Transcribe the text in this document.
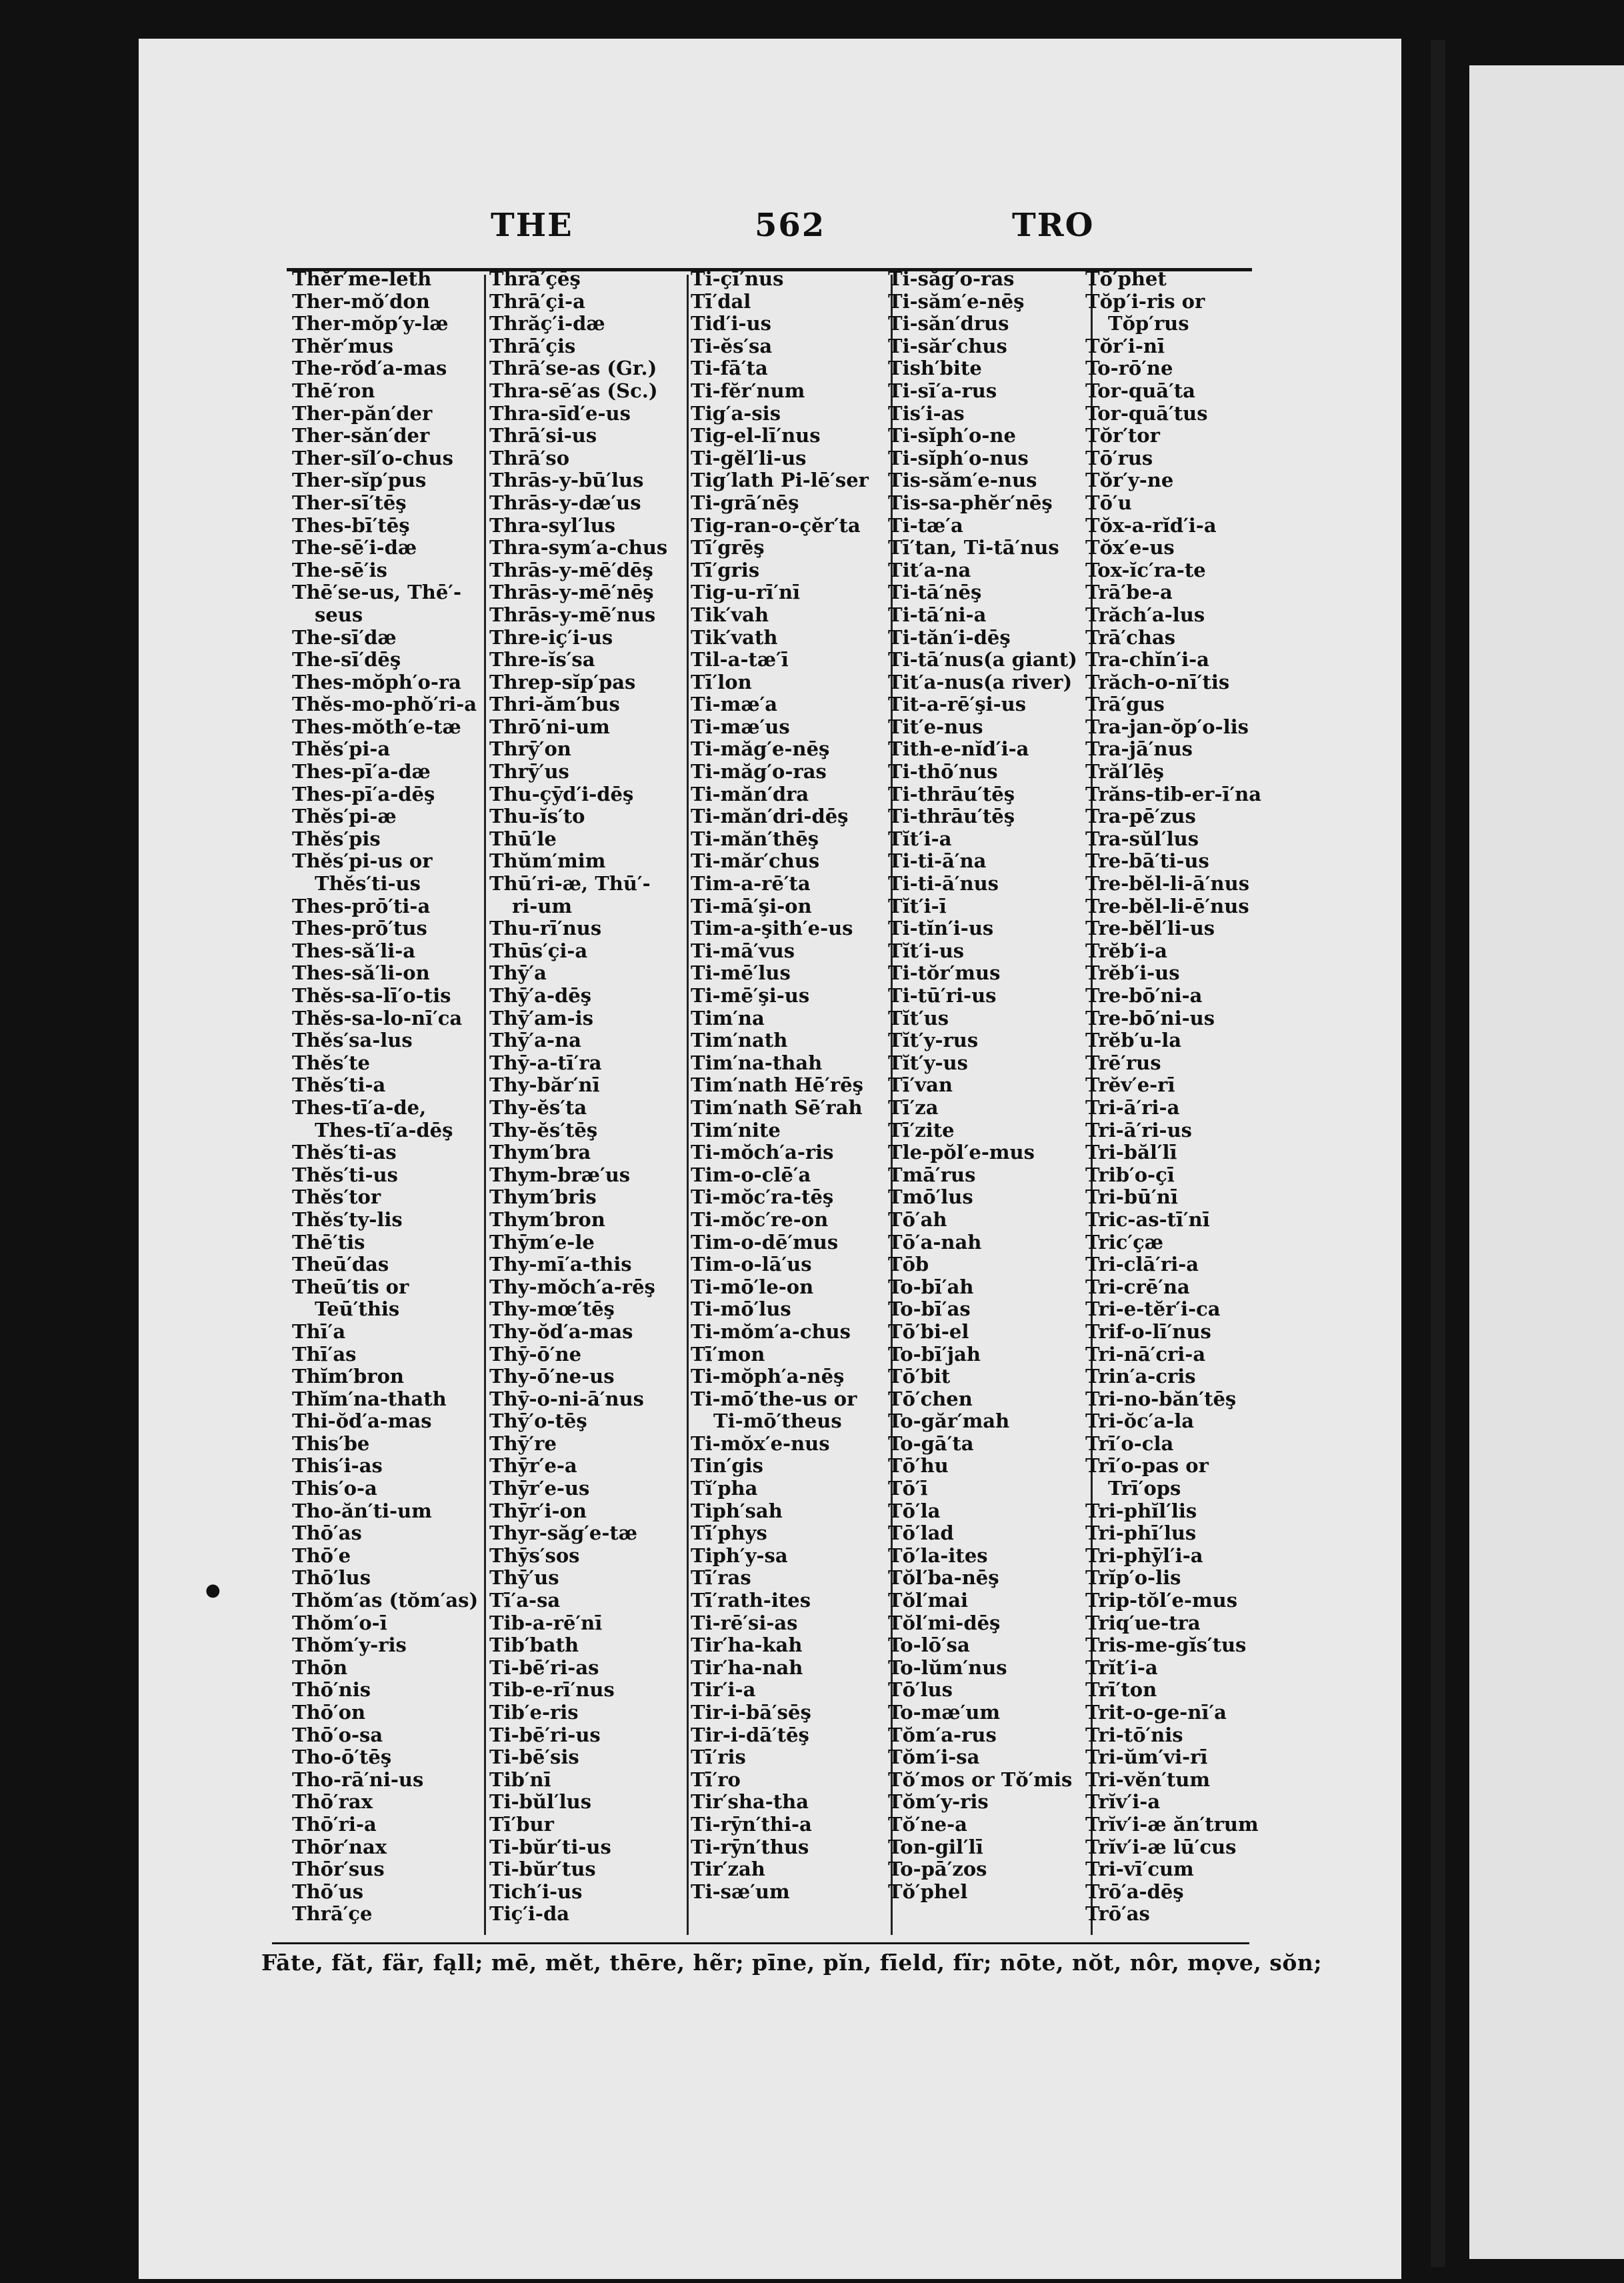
THE	562	TRO
Thĕr′me-leth
Ther-mŏ′don
Ther-mŏp′y-læ
Thĕr′mus
The-rŏd′a-mas
Thē′ron
Ther-păn′der
Ther-săn′der
Ther-sĭl′o-chus
Ther-sĭp′pus
Ther-sī′tēş
Thes-bī′tēş
The-sē′i-dæ
The-sē′is
Thē′se-us, Thē′-
seus
The-sī′dæ
The-sī′dēş
Thes-mŏph′o-ra
Thĕs-mo-phŏ′ri-a
Thes-mŏth′e-tæ
Thĕs′pi-a
Thes-pī′a-dæ
Thes-pī′a-dēş
Thĕs′pi-æ
Thĕs′pis
Thĕs′pi-us or
Thĕs′ti-us
Thes-prō′ti-a
Thes-prō′tus
Thes-să′li-a
Thes-să′li-on
Thĕs-sa-lī′o-tis
Thĕs-sa-lo-nī′ca
Thĕs′sa-lus
Thĕs′te
Thĕs′ti-a
Thes-tī′a-de,
Thes-tī′a-dēş
Thĕs′ti-as
Thĕs′ti-us
Thĕs′tor
Thĕs′ty-lis
Thē′tis
Theū′das
Theū′tis or
Teū′this
Thī′a
Thī′as
Thĭm′bron
Thĭm′na-thath
Thi-ŏd′a-mas
This′be
This′i-as
This′o-a
Tho-ăn′ti-um
Thō′as
Thō′e
Thō′lus
Thŏm′as (tŏm′as)
Thŏm′o-ī
Thŏm′y-ris
Thōn
Thō′nis
Thō′on
Thō′o-sa
Tho-ō′tēş
Tho-rā′ni-us
Thō′rax
Thō′ri-a
Thōr′nax
Thōr′sus
Thō′us
Thrā′çe
Thrā′çēş
Thrā′çi-a
Thrăç′i-dæ
Thrā′çis
Thrā′se-as (Gr.)
Thra-sē′as (Sc.)
Thra-sīd′e-us
Thrā′si-us
Thrā′so
Thrās-y-bū′lus
Thrās-y-dæ′us
Thra-syl′lus
Thra-sym′a-chus
Thrās-y-mē′dēş
Thrās-y-mē′nēş
Thrās-y-mē′nus
Thre-iç′i-us
Thre-ĭs′sa
Threp-sĭp′pas
Thri-ăm′bus
Thrō′ni-um
Thrȳ′on
Thrȳ′us
Thu-çȳd′i-dēş
Thu-ĭs′to
Thū′le
Thŭm′mim
Thū′ri-æ, Thū′-
ri-um
Thu-rī′nus
Thūs′çi-a
Thȳ′a
Thȳ′a-dēş
Thȳ′am-is
Thȳ′a-na
Thȳ-a-tī′ra
Thy-băr′nī
Thy-ĕs′ta
Thy-ĕs′tēş
Thym′bra
Thym-bræ′us
Thym′bris
Thym′bron
Thȳm′e-le
Thy-mī′a-this
Thy-mŏch′a-rēş
Thy-mœ′tēş
Thy-ŏd′a-mas
Thȳ-ō′ne
Thy-ō′ne-us
Thȳ-o-ni-ā′nus
Thȳ′o-tēş
Thȳ′re
Thȳr′e-a
Thȳr′e-us
Thȳr′i-on
Thyr-săg′e-tæ
Thȳs′sos
Thȳ′us
Tī′a-sa
Tib-a-rē′nī
Tib′bath
Ti-bē′ri-as
Tib-e-rī′nus
Tib′e-ris
Ti-bē′ri-us
Ti-bē′sis
Tib′nī
Ti-bŭl′lus
Tī′bur
Ti-bŭr′ti-us
Ti-bŭr′tus
Tich′i-us
Tiç′i-da
Ti-çī′nus
Tī′dal
Tid′i-us
Ti-ĕs′sa
Ti-fā′ta
Ti-fĕr′num
Tig′a-sis
Tig-el-lī′nus
Ti-gĕl′li-us
Tig′lath Pi-lē′ser
Ti-grā′nēş
Tig-ran-o-çĕr′ta
Tī′grēş
Tī′gris
Tig-u-rī′nī
Tik′vah
Tik′vath
Til-a-tæ′ī
Tī′lon
Ti-mæ′a
Ti-mæ′us
Ti-măg′e-nēş
Ti-măg′o-ras
Ti-măn′dra
Ti-măn′dri-dēş
Ti-măn′thēş
Ti-măr′chus
Tim-a-rē′ta
Ti-mā′şi-on
Tim-a-şith′e-us
Ti-mā′vus
Ti-mē′lus
Ti-mē′şi-us
Tim′na
Tim′nath
Tim′na-thah
Tim′nath Hē′rēş
Tim′nath Sē′rah
Tim′nite
Ti-mŏch′a-ris
Tim-o-clē′a
Ti-mŏc′ra-tēş
Ti-mŏc′re-on
Tim-o-dē′mus
Tim-o-lā′us
Ti-mō′le-on
Ti-mō′lus
Ti-mŏm′a-chus
Tī′mon
Ti-mŏph′a-nēş
Ti-mō′the-us or
Ti-mō′theus
Ti-mŏx′e-nus
Tin′gis
Tĭ′pha
Tiph′sah
Tī′phys
Tiph′y-sa
Tī′ras
Tī′rath-ites
Ti-rē′si-as
Tir′ha-kah
Tir′ha-nah
Tir′i-a
Tir-i-bā′sēş
Tir-i-dā′tēş
Tī′ris
Tī′ro
Tir′sha-tha
Ti-rȳn′thi-a
Ti-rȳn′thus
Tir′zah
Ti-sæ′um
Ti-săg′o-ras
Ti-săm′e-nēş
Ti-săn′drus
Ti-săr′chus
Tish′bite
Ti-sī′a-rus
Tis′i-as
Ti-sĭph′o-ne
Ti-sĭph′o-nus
Tis-săm′e-nus
Tis-sa-phĕr′nēş
Ti-tæ′a
Tī′tan, Ti-tā′nus
Tit′a-na
Ti-tā′nēş
Ti-tā′ni-a
Ti-tăn′i-dēş
Ti-tā′nus(a giant)
Tit′a-nus(a river)
Tit-a-rē′şi-us
Tit′e-nus
Tith-e-nĭd′i-a
Ti-thō′nus
Ti-thrāu′tēş
Ti-thrāu′tēş
Tĭt′i-a
Ti-ti-ā′na
Ti-ti-ā′nus
Tĭt′i-ī
Ti-tĭn′i-us
Tĭt′i-us
Ti-tŏr′mus
Ti-tū′ri-us
Tĭt′us
Tĭt′y-rus
Tĭt′y-us
Tī′van
Tī′za
Tī′zite
Tle-pŏl′e-mus
Tmā′rus
Tmō′lus
Tō′ah
Tō′a-nah
Tōb
To-bī′ah
To-bī′as
Tō′bi-el
To-bī′jah
Tō′bit
Tō′chen
To-găr′mah
To-gā′ta
Tō′hu
Tō′ī
Tō′la
Tō′lad
Tō′la-ites
Tŏl′ba-nēş
Tŏl′mai
Tŏl′mi-dēş
To-lō′sa
To-lŭm′nus
Tō′lus
To-mæ′um
Tŏm′a-rus
Tŏm′i-sa
Tŏ′mos or Tŏ′mis
Tŏm′y-ris
Tŏ′ne-a
Ton-gil′lī
To-pā′zos
Tŏ′phel
Tō′phet
Tŏp′i-ris or
Tŏp′rus
Tŏr′i-nī
To-rō′ne
Tor-quā′ta
Tor-quā′tus
Tŏr′tor
Tō′rus
Tŏr′y-ne
Tō′u
Tŏx-a-rĭd′i-a
Tŏx′e-us
Tox-ĭc′ra-te
Trā′be-a
Trăch′a-lus
Trā′chas
Tra-chĭn′i-a
Trăch-o-nī′tis
Trā′gus
Tra-jan-ŏp′o-lis
Tra-jā′nus
Trăl′lēş
Trăns-tib-er-ī′na
Tra-pē′zus
Tra-sŭl′lus
Tre-bā′ti-us
Tre-bĕl-li-ā′nus
Tre-bĕl-li-ē′nus
Tre-bĕl′li-us
Trĕb′i-a
Trĕb′i-us
Tre-bō′ni-a
Tre-bō′ni-us
Trĕb′u-la
Trē′rus
Trĕv′e-rī
Tri-ā′ri-a
Tri-ā′ri-us
Tri-băl′lī
Trib′o-çī
Tri-bū′nī
Tric-as-tī′nī
Tric′çæ
Tri-clā′ri-a
Tri-crē′na
Tri-e-tĕr′i-ca
Trif-o-lī′nus
Tri-nā′cri-a
Trin′a-cris
Tri-no-băn′tēş
Tri-ŏc′a-la
Trī′o-cla
Trī′o-pas or
Trī′ops
Tri-phĭl′lis
Tri-phī′lus
Tri-phȳl′i-a
Trĭp′o-lis
Trip-tŏl′e-mus
Triq′ue-tra
Tris-me-gĭs′tus
Trĭt′i-a
Trī′ton
Trit-o-ge-nī′a
Tri-tō′nis
Tri-ŭm′vi-rī
Tri-vĕn′tum
Trĭv′i-a
Trĭv′i-æ ăn′trum
Trĭv′i-æ lū′cus
Tri-vī′cum
Trō′a-dēş
Trō′as
Fāte, făt, fär, fąll; mē, mĕt, thēre, hẽr; pīne, pĭn, fīeld, fïr; nōte, nŏt, nôr, mọve, sŏn;
●
